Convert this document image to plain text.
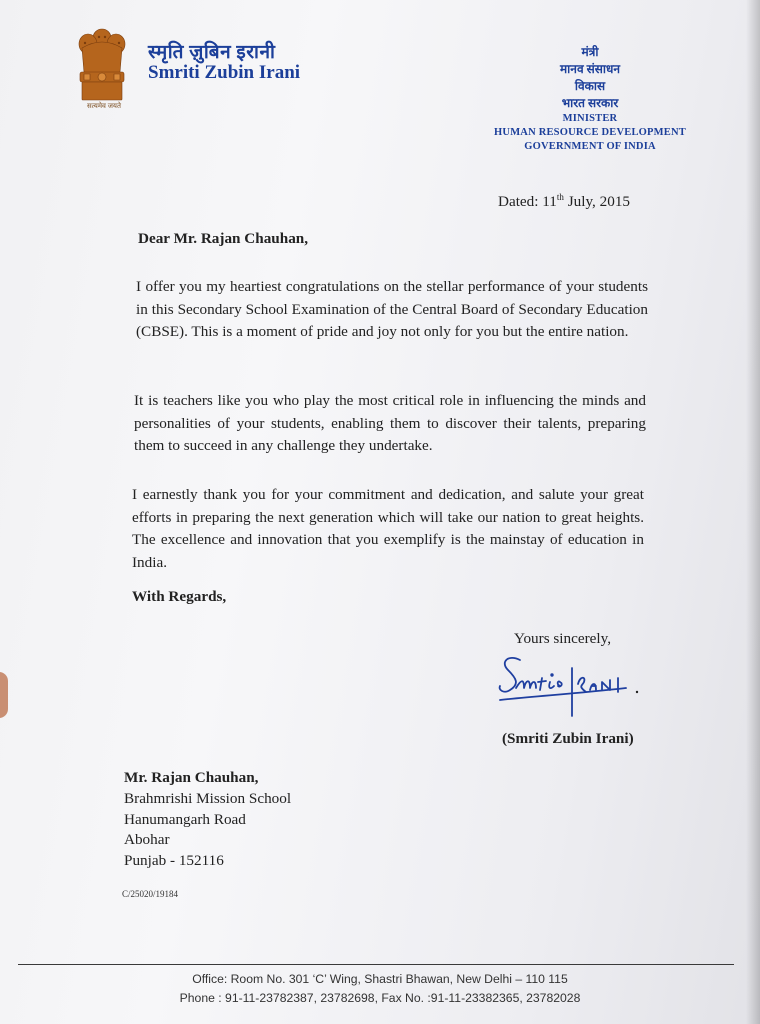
सत्यमेव जयते
स्मृति ज़ुबिन इरानी
Smriti Zubin Irani
मंत्री
मानव संसाधन
विकास
भारत सरकार
MINISTER
HUMAN RESOURCE DEVELOPMENT
GOVERNMENT OF INDIA
Dated: 11th July, 2015
Dear Mr. Rajan Chauhan,
I offer you my heartiest congratulations on the stellar performance of your students in this Secondary School Examination of the Central Board of Secondary Education (CBSE). This is a moment of pride and joy not only for you but the entire nation.
It is teachers like you who play the most critical role in influencing the minds and personalities of your students, enabling them to discover their talents, preparing them to succeed in any challenge they undertake.
I earnestly thank you for your commitment and dedication, and salute your great efforts in preparing the next generation which will take our nation to great heights. The excellence and innovation that you exemplify is the mainstay of education in India.
With Regards,
Yours sincerely,
(Smriti Zubin Irani)
Mr. Rajan Chauhan,
Brahmrishi Mission School
Hanumangarh Road
Abohar
Punjab - 152116
C/25020/19184
Office: Room No. 301 ‘C’ Wing, Shastri Bhawan, New Delhi – 110 115
Phone : 91-11-23782387, 23782698, Fax No. :91-11-23382365, 23782028
